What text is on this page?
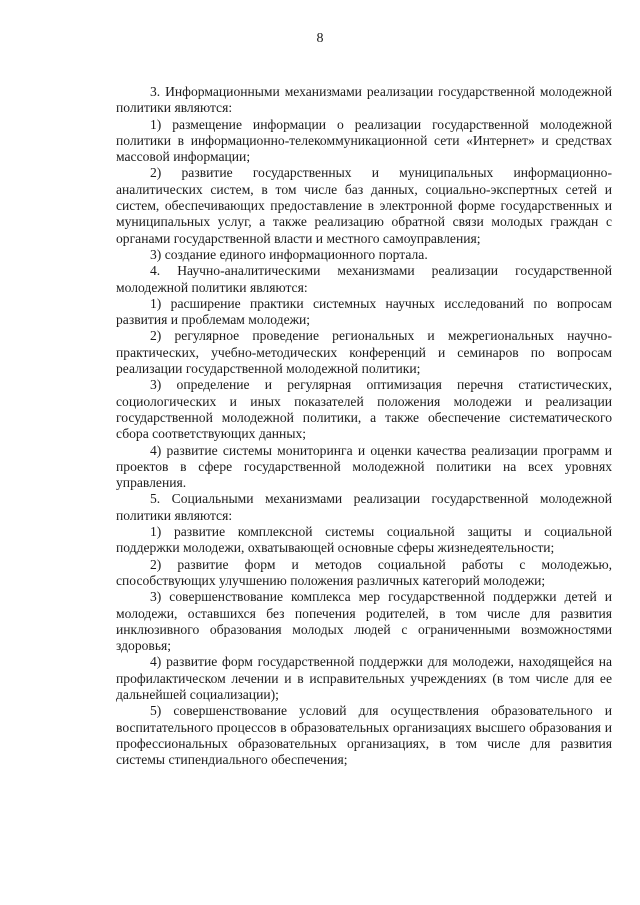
8

3. Информационными механизмами реализации государственной молодежной политики являются:

1) размещение информации о реализации государственной молодежной политики в информационно-телекоммуникационной сети «Интернет» и средствах массовой информации;

2) развитие государственных и муниципальных информационно-аналитических систем, в том числе баз данных, социально-экспертных сетей и систем, обеспечивающих предоставление в электронной форме государственных и муниципальных услуг, а также реализацию обратной связи молодых граждан с органами государственной власти и местного самоуправления;

3) создание единого информационного портала.

4. Научно-аналитическими механизмами реализации государственной молодежной политики являются:

1) расширение практики системных научных исследований по вопросам развития и проблемам молодежи;

2) регулярное проведение региональных и межрегиональных научно-практических, учебно-методических конференций и семинаров по вопросам реализации государственной молодежной политики;

3) определение и регулярная оптимизация перечня статистических, социологических и иных показателей положения молодежи и реализации государственной молодежной политики, а также обеспечение систематического сбора соответствующих данных;

4) развитие системы мониторинга и оценки качества реализации программ и проектов в сфере государственной молодежной политики на всех уровнях управления.

5. Социальными механизмами реализации государственной молодежной политики являются:

1) развитие комплексной системы социальной защиты и социальной поддержки молодежи, охватывающей основные сферы жизнедеятельности;

2) развитие форм и методов социальной работы с молодежью, способствующих улучшению положения различных категорий молодежи;

3) совершенствование комплекса мер государственной поддержки детей и молодежи, оставшихся без попечения родителей, в том числе для развития инклюзивного образования молодых людей с ограниченными возможностями здоровья;

4) развитие форм государственной поддержки для молодежи, находящейся на профилактическом лечении и в исправительных учреждениях (в том числе для ее дальнейшей социализации);

5) совершенствование условий для осуществления образовательного и воспитательного процессов в образовательных организациях высшего образования и профессиональных образовательных организациях, в том числе для развития системы стипендиального обеспечения;
